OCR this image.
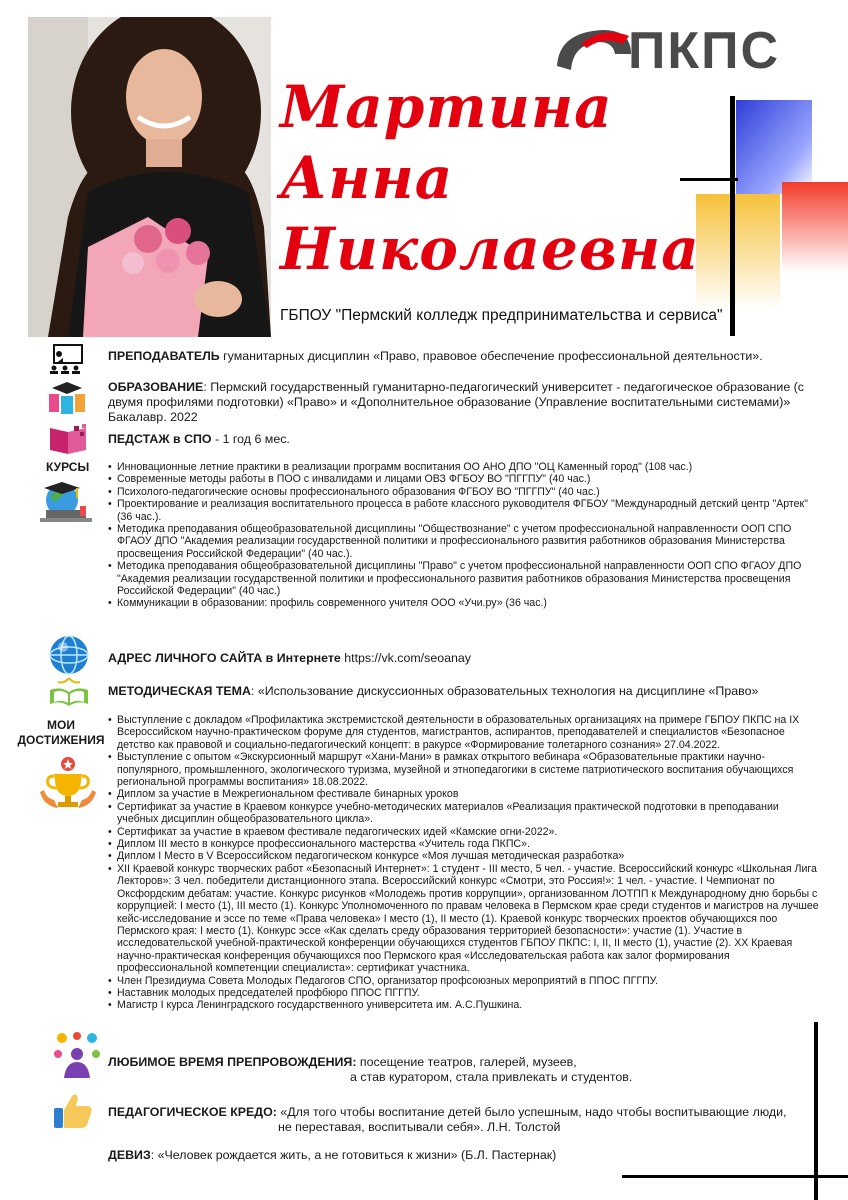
Мартина
Анна
Николаевна
ПКПС
ГБПОУ "Пермский колледж предпринимательства и сервиса"
ПРЕПОДАВАТЕЛЬ гуманитарных дисциплин «Право, правовое обеспечение профессиональной деятельности».
ОБРАЗОВАНИЕ: Пермский государственный гуманитарно-педагогический университет - педагогическое образование (с двумя профилями подготовки) «Право» и «Дополнительное образование (Управление воспитательными системами)» Бакалавр. 2022
ПЕДСТАЖ в СПО - 1 год 6 мес.
КУРСЫ
•	Инновационные летние практики в реализации программ воспитания ОО АНО ДПО "ОЦ Каменный город" (108 час.)
• Современные методы работы в ПОО с инвалидами и лицами ОВЗ ФГБОУ ВО "ПГГПУ" (40 час.)
• Психолого-педагогические основы профессионального образования ФГБОУ ВО "ПГГПУ" (40 час.)
• Проектирование и реализация воспитательного процесса в работе классного руководителя ФГБОУ "Международный детский центр "Артек" (36 час.).
• Методика преподавания общеобразовательной дисциплины "Обществознание" с учетом профессиональной направленности ООП СПО ФГАОУ ДПО "Академия реализации государственной политики и профессионального развития работников образования Министерства просвещения Российской Федерации" (40 час.).
• Методика преподавания общеобразовательной дисциплины "Право" с учетом профессиональной направленности ООП СПО ФГАОУ ДПО "Академия реализации государственной политики и профессионального развития работников образования Министерства просвещения Российской Федерации" (40 час.)
• Коммуникации в образовании: профиль современного учителя ООО «Учи.ру» (36 час.)
АДРЕС ЛИЧНОГО САЙТА в Интернете https://vk.com/seoanay
МЕТОДИЧЕСКАЯ ТЕМА: «Использование дискуссионных образовательных технология на дисциплине «Право»
МОИ
ДОСТИЖЕНИЯ
• Выступление с докладом «Профилактика экстремистской деятельности в образовательных организациях на примере ГБПОУ ПКПС на IX Всероссийском научно-практическом форуме для студентов, магистрантов, аспирантов, преподавателей и специалистов «Безопасное детство как правовой и социально-педагогический концепт: в ракурсе «Формирование толетарного сознания» 27.04.2022.
• Выступление с опытом «Экскурсионный маршрут «Хани-Мани» в рамках открытого вебинара «Образовательные практики научно-популярного, промышленного, экологического туризма, музейной и этнопедагогики в системе патриотического воспитания обучающихся региональной программы воспитания» 18.08.2022.
• Диплом за участие в Межрегиональном фестивале бинарных уроков
• Сертификат за участие в Краевом конкурсе учебно-методических материалов «Реализация практической подготовки в преподавании учебных дисциплин общеобразовательного цикла».
• Сертификат за участие в краевом фестивале педагогических идей «Камские огни-2022».
• Диплом III место в конкурсе профессионального мастерства «Учитель года ПКПС».
• Диплом I Место в V Всероссийском педагогическом конкурсе «Моя лучшая методическая разработка»
• XII Краевой конкурс творческих работ «Безопасный Интернет»: 1 студент - III место, 5 чел. - участие. Всероссийский конкурс «Школьная Лига Лекторов»: 3 чел. победители дистанционного этапа. Всероссийский конкурс «Смотри, это Россия!»: 1 чел. - участие. I Чемпионат по Оксфордским дебатам: участие. Конкурс рисунков «Молодежь против коррупции», организованном ЛОТПП к Международному дню борьбы с коррупцией: I место (1), III место (1). Конкурс Уполномоченного по правам человека в Пермском крае среди студентов и магистров на лучшее кейс-исследование и эссе по теме «Права человека» I место (1), II место (1). Краевой конкурс творческих проектов обучающихся поо Пермского края: I место (1). Конкурс эссе «Как сделать среду образования территорией безопасности»: участие (1). Участие в исследовательской учебной-практической конференции обучающихся студентов ГБПОУ ПКПС: I, II, II место (1), участие (2). XX Краевая научно-практическая конференция обучающихся поо Пермского края «Исследовательская работа как залог формирования профессиональной компетенции специалиста»: сертификат участника.
• Член Президиума Совета Молодых Педагогов СПО, организатор профсоюзных мероприятий в ППОС ПГГПУ.
• Наставник молодых председателей профбюро ППОС ПГГПУ.
• Магистр I курса Ленинградского государственного университета им. А.С.Пушкина.
ЛЮБИМОЕ ВРЕМЯ ПРЕПРОВОЖДЕНИЯ: посещение театров, галерей, музеев,
а став куратором, стала привлекать и студентов.
ПЕДАГОГИЧЕСКОЕ КРЕДО: «Для того чтобы воспитание детей было успешным, надо чтобы воспитывающие люди,
не переставая, воспитывали себя». Л.Н. Толстой
ДЕВИЗ: «Человек рождается жить, а не готовиться к жизни» (Б.Л. Пастернак)
